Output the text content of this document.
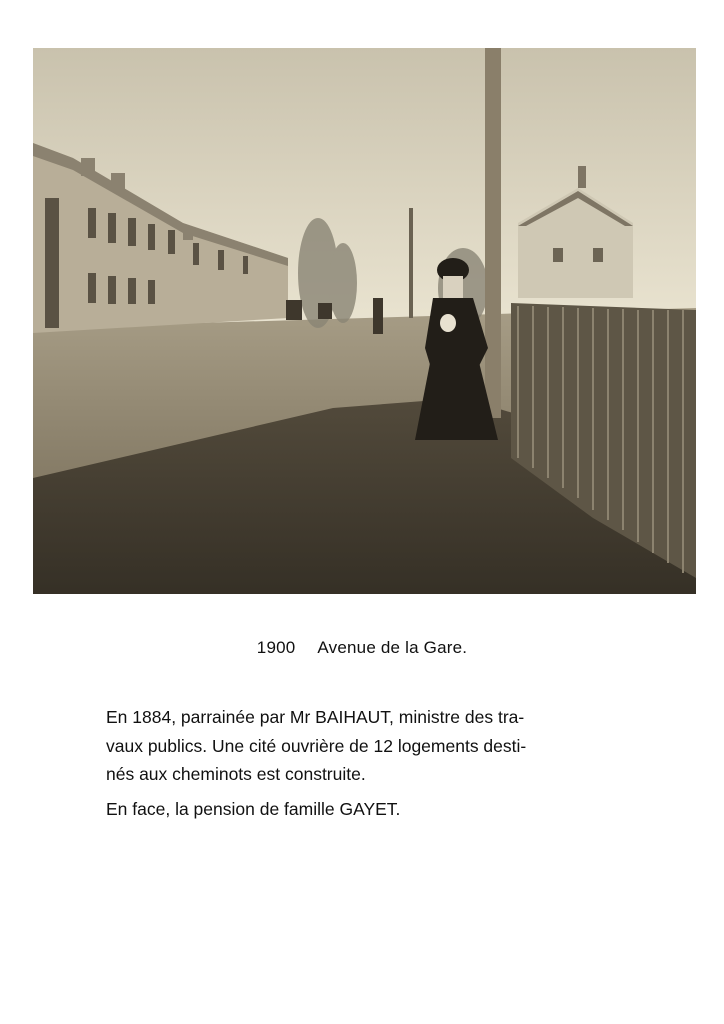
1900 Avenue de la Gare.

En 1884, parrainée par Mr BAIHAUT, ministre des tra-
vaux publics. Une cité ouvrière de 12 logements desti-
nés aux cheminots est construite.

En face, la pension de famille GAYET.
